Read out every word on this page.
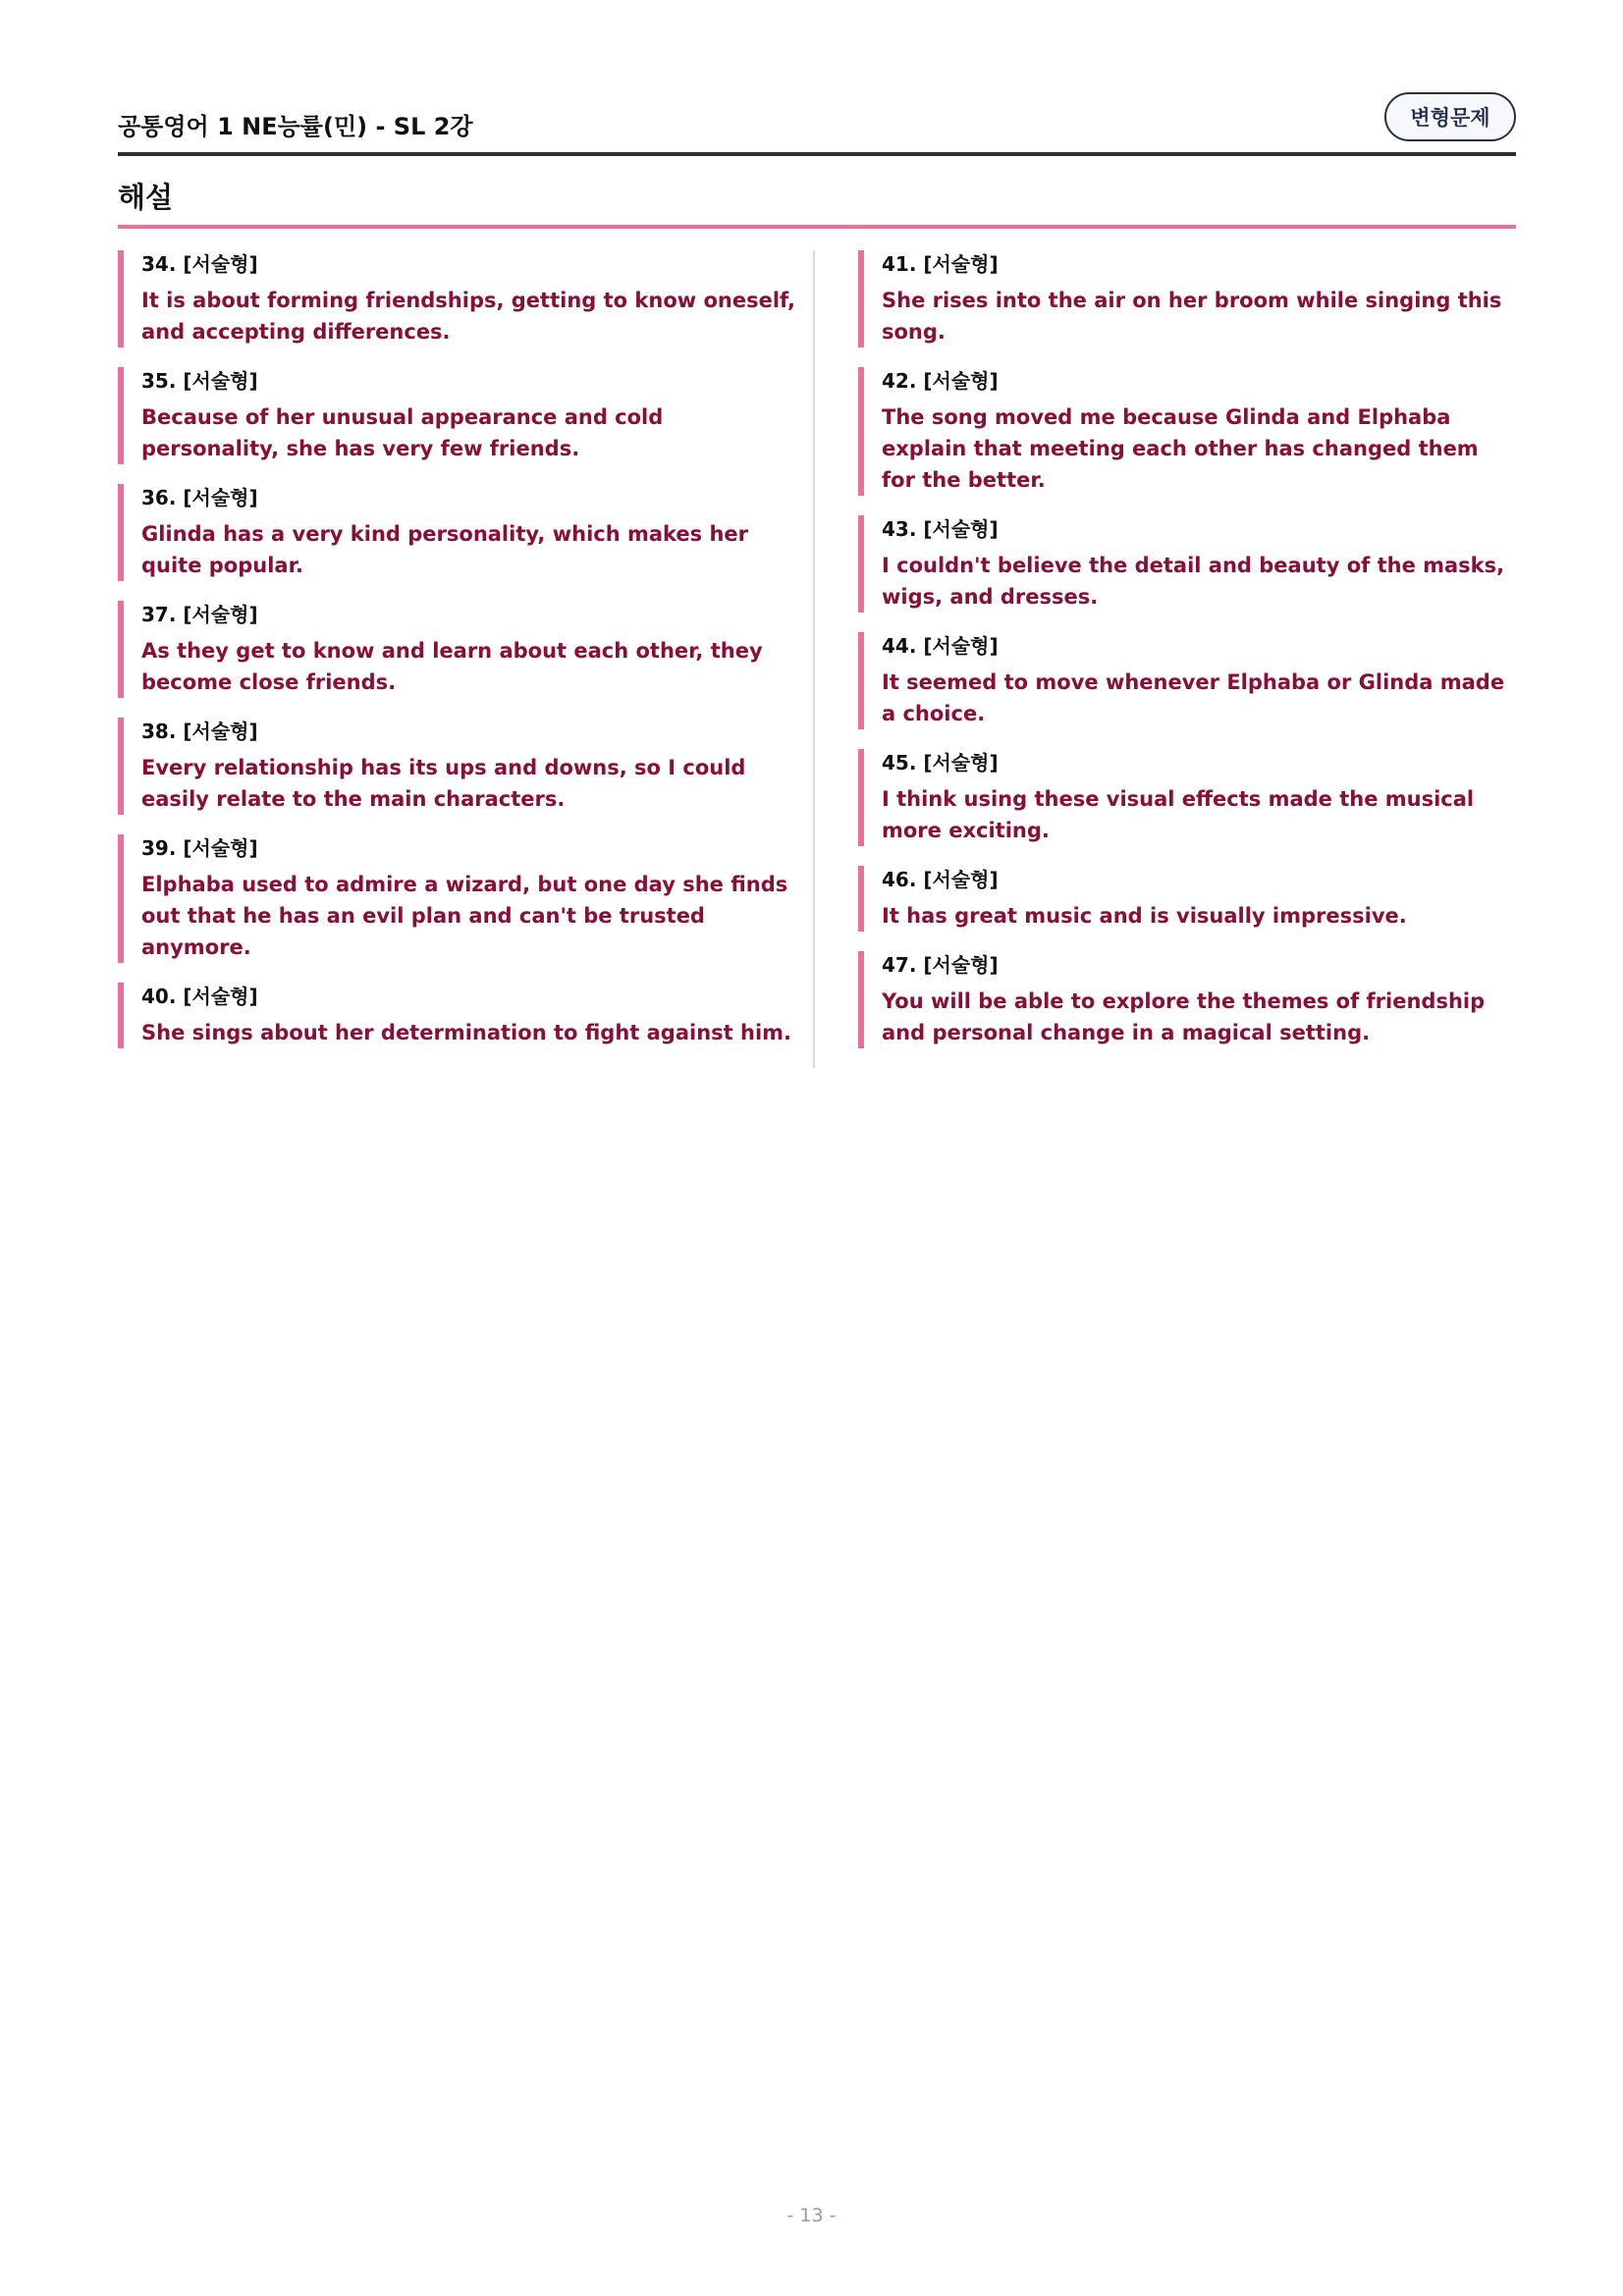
공통영어 1 NE능률(민) - SL 2강	변형문제
해설
34. [서술형]
It is about forming friendships, getting to know oneself, and accepting differences.
35. [서술형]
Because of her unusual appearance and cold personality, she has very few friends.
36. [서술형]
Glinda has a very kind personality, which makes her quite popular.
37. [서술형]
As they get to know and learn about each other, they become close friends.
38. [서술형]
Every relationship has its ups and downs, so I could easily relate to the main characters.
39. [서술형]
Elphaba used to admire a wizard, but one day she finds out that he has an evil plan and can't be trusted anymore.
40. [서술형]
She sings about her determination to fight against him.
41. [서술형]
She rises into the air on her broom while singing this song.
42. [서술형]
The song moved me because Glinda and Elphaba explain that meeting each other has changed them for the better.
43. [서술형]
I couldn't believe the detail and beauty of the masks, wigs, and dresses.
44. [서술형]
It seemed to move whenever Elphaba or Glinda made a choice.
45. [서술형]
I think using these visual effects made the musical more exciting.
46. [서술형]
It has great music and is visually impressive.
47. [서술형]
You will be able to explore the themes of friendship and personal change in a magical setting.
- 13 -
